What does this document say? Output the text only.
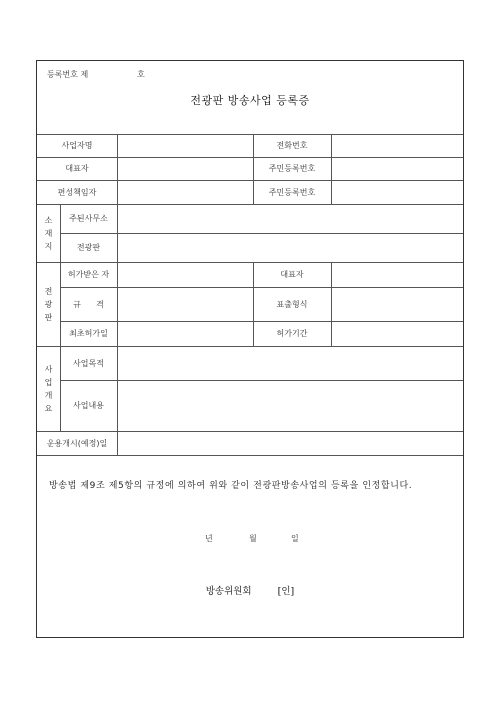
등록번호 제	호
전광판 방송사업 등록증
사업자명	전화번호
대표자	주민등록번호
편성책임자	주민등록번호
소
재
지
주된사무소
전광판
전
광
판
허가받은 자	대표자
규      격	표출형식
최초허가일	허가기간
사
업
개
요
사업목적
사업내용
운용개시(예정)일
방송법 제9조 제5항의 규정에 의하여 위와 같이 전광판방송사업의 등록을 인정합니다.
년	월	일
방송위원회	[인]
